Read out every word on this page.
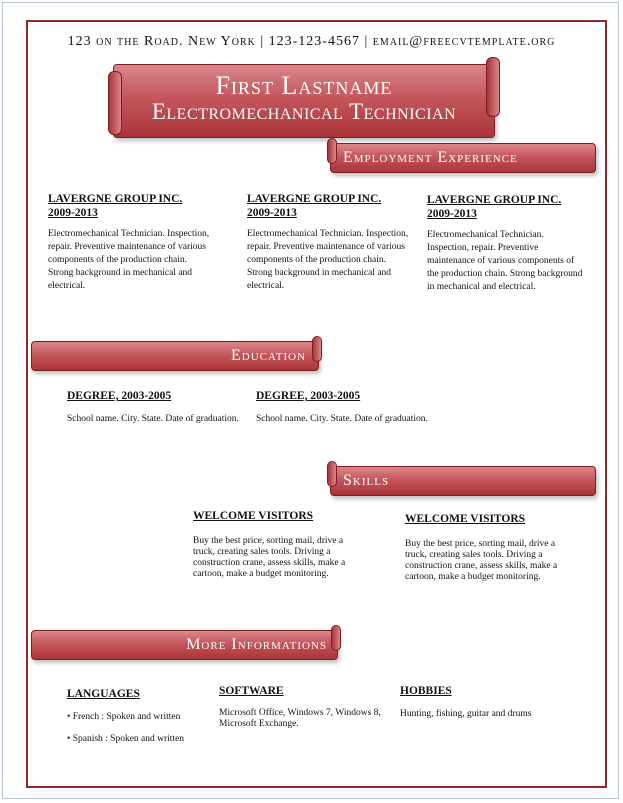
123 on the Road. New York | 123-123-4567 | email@freecvtemplate.org
First Lastname
Electromechanical Technician
Employment Experience
LAVERGNE GROUP INC.
2009-2013
Electromechanical Technician. Inspection, repair. Preventive maintenance of various components of the production chain. Strong background in mechanical and electrical.
LAVERGNE GROUP INC.
2009-2013
Electromechanical Technician. Inspection, repair. Preventive maintenance of various components of the production chain. Strong background in mechanical and electrical.
LAVERGNE GROUP INC.
2009-2013
Electromechanical Technician. Inspection, repair. Preventive maintenance of various components of the production chain. Strong background in mechanical and electrical.
Education
DEGREE, 2003-2005
School name. City. State. Date of graduation.
DEGREE, 2003-2005
School name. City. State. Date of graduation.
Skills
WELCOME VISITORS
Buy the best price, sorting mail, drive a truck, creating sales tools. Driving a construction crane, assess skills, make a cartoon, make a budget monitoring.
WELCOME VISITORS
Buy the best price, sorting mail, drive a truck, creating sales tools. Driving a construction crane, assess skills, make a cartoon, make a budget monitoring.
More Informations
LANGUAGES
• French : Spoken and written
• Spanish : Spoken and written
SOFTWARE
Microsoft Office, Windows 7, Windows 8, Microsoft Exchange.
HOBBIES
Hunting, fishing, guitar and drums
